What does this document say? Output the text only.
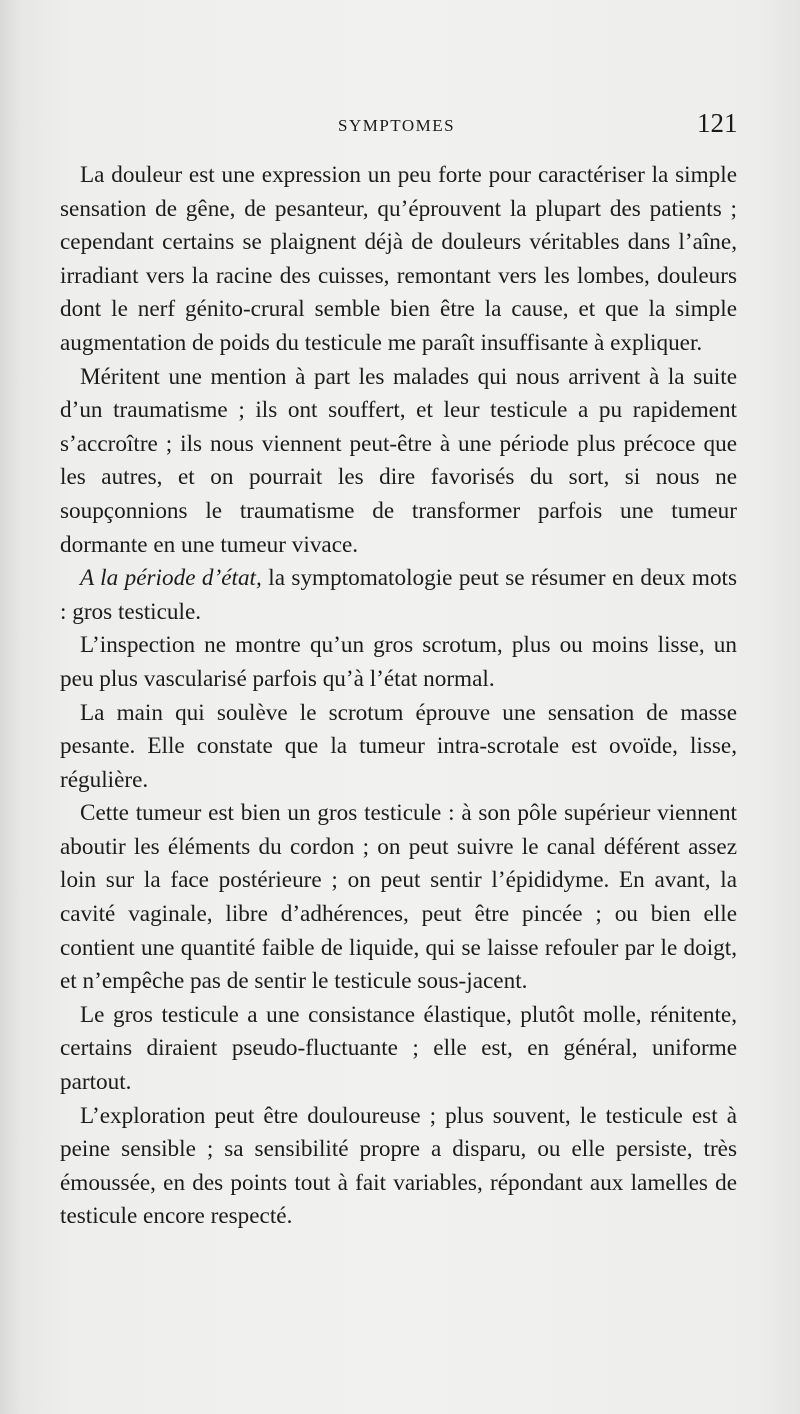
SYMPTOMES	121

La douleur est une expression un peu forte pour caractériser la simple sensation de gêne, de pesanteur, qu’éprouvent la plupart des patients ; cependant certains se plaignent déjà de douleurs véritables dans l’aîne, irradiant vers la racine des cuisses, remontant vers les lombes, douleurs dont le nerf génito-crural semble bien être la cause, et que la simple augmentation de poids du testicule me paraît insuffisante à expliquer.

Méritent une mention à part les malades qui nous arrivent à la suite d’un traumatisme ; ils ont souffert, et leur testicule a pu rapidement s’accroître ; ils nous viennent peut-être à une période plus précoce que les autres, et on pourrait les dire favorisés du sort, si nous ne soupçonnions le traumatisme de transformer parfois une tumeur dormante en une tumeur vivace.

A la période d’état, la symptomatologie peut se résumer en deux mots : gros testicule.

L’inspection ne montre qu’un gros scrotum, plus ou moins lisse, un peu plus vascularisé parfois qu’à l’état normal.

La main qui soulève le scrotum éprouve une sensation de masse pesante. Elle constate que la tumeur intra-scrotale est ovoïde, lisse, régulière.

Cette tumeur est bien un gros testicule : à son pôle supérieur viennent aboutir les éléments du cordon ; on peut suivre le canal déférent assez loin sur la face postérieure ; on peut sentir l’épididyme. En avant, la cavité vaginale, libre d’adhérences, peut être pincée ; ou bien elle contient une quantité faible de liquide, qui se laisse refouler par le doigt, et n’empêche pas de sentir le testicule sous-jacent.

Le gros testicule a une consistance élastique, plutôt molle, rénitente, certains diraient pseudo-fluctuante ; elle est, en général, uniforme partout.

L’exploration peut être douloureuse ; plus souvent, le testicule est à peine sensible ; sa sensibilité propre a disparu, ou elle persiste, très émoussée, en des points tout à fait variables, répondant aux lamelles de testicule encore respecté.
